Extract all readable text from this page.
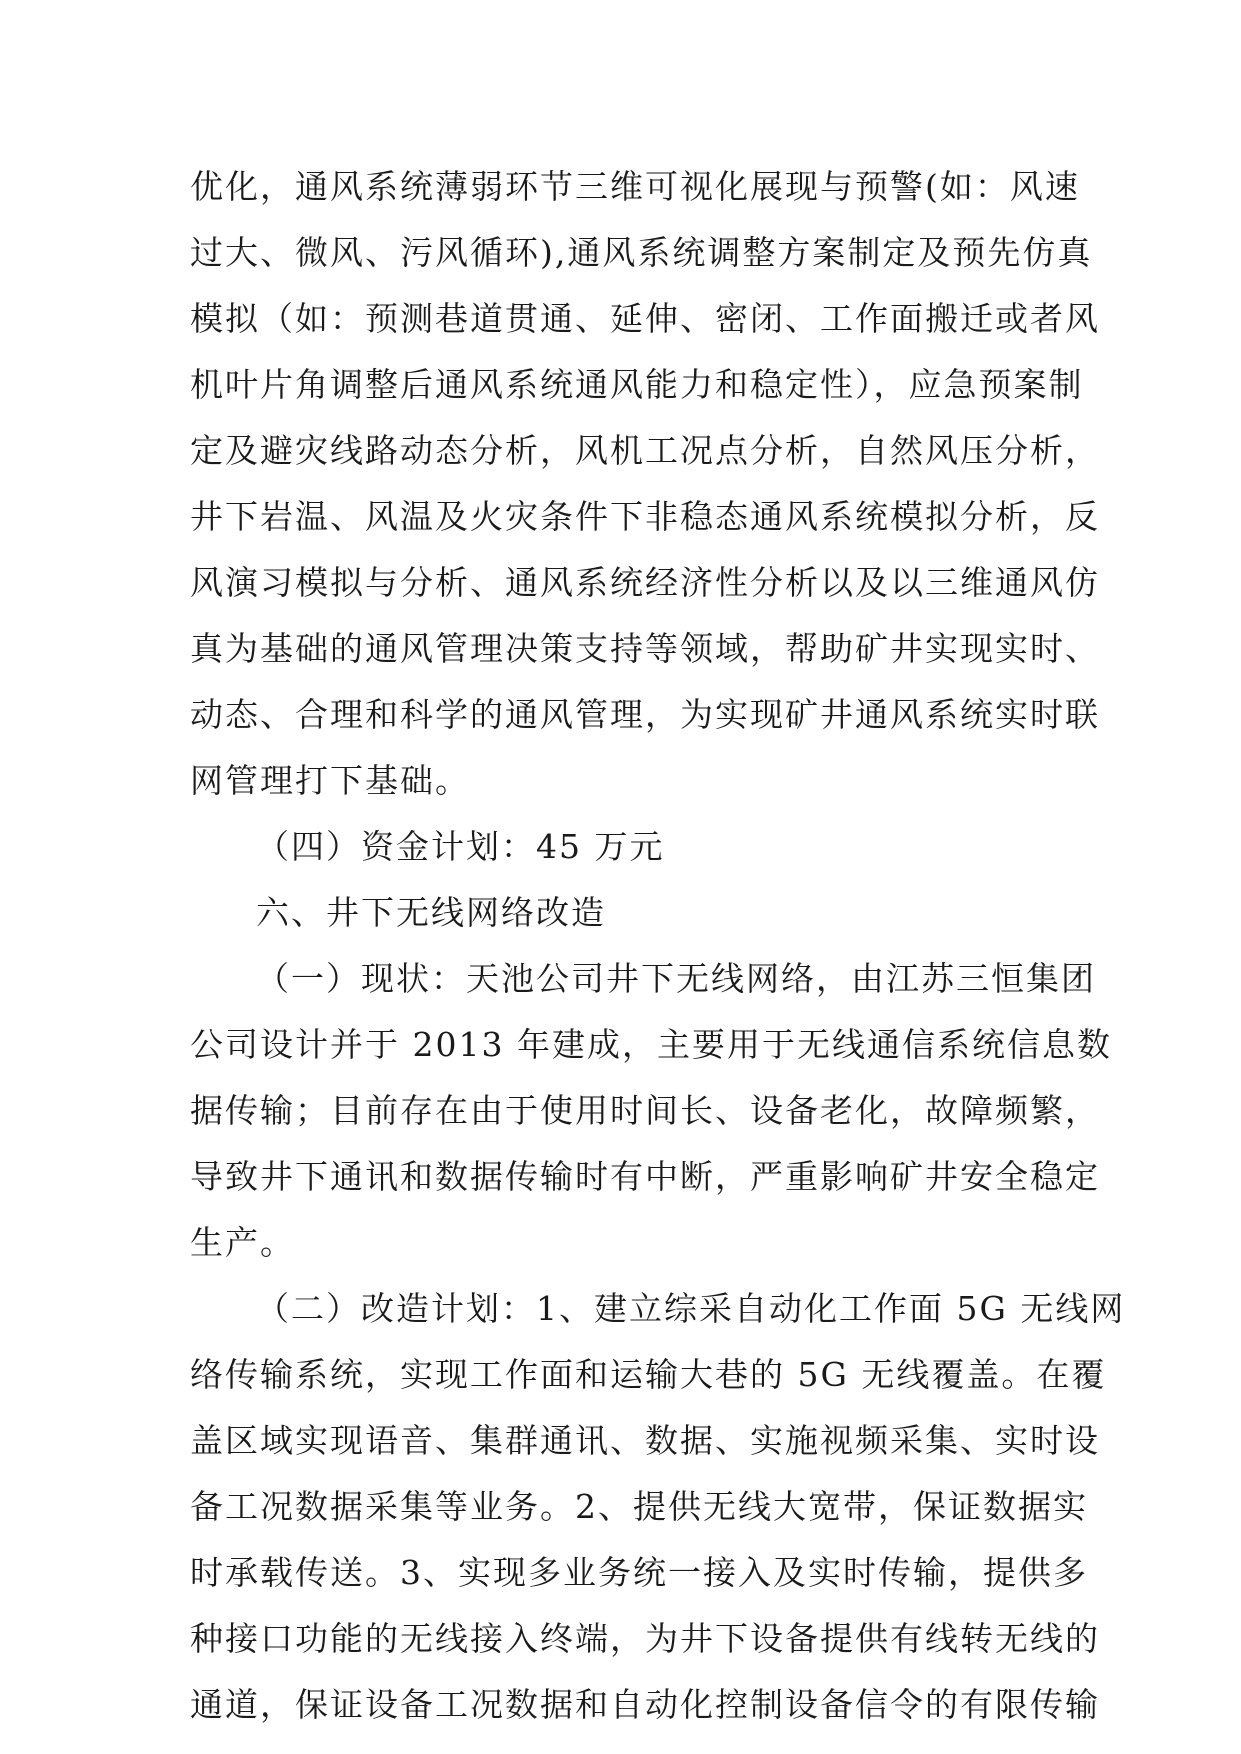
优化，通风系统薄弱环节三维可视化展现与预警(如：风速
过大、微风、污风循环),通风系统调整方案制定及预先仿真
模拟（如：预测巷道贯通、延伸、密闭、工作面搬迁或者风
机叶片角调整后通风系统通风能力和稳定性），应急预案制
定及避灾线路动态分析，风机工况点分析，自然风压分析，
井下岩温、风温及火灾条件下非稳态通风系统模拟分析，反
风演习模拟与分析、通风系统经济性分析以及以三维通风仿
真为基础的通风管理决策支持等领域，帮助矿井实现实时、
动态、合理和科学的通风管理，为实现矿井通风系统实时联
网管理打下基础。
（四）资金计划：45 万元
六、井下无线网络改造
（一）现状：天池公司井下无线网络，由江苏三恒集团
公司设计并于 2013 年建成，主要用于无线通信系统信息数
据传输；目前存在由于使用时间长、设备老化，故障频繁，
导致井下通讯和数据传输时有中断，严重影响矿井安全稳定
生产。
（二）改造计划：1、建立综采自动化工作面 5G 无线网
络传输系统，实现工作面和运输大巷的 5G 无线覆盖。在覆
盖区域实现语音、集群通讯、数据、实施视频采集、实时设
备工况数据采集等业务。2、提供无线大宽带，保证数据实
时承载传送。3、实现多业务统一接入及实时传输，提供多
种接口功能的无线接入终端，为井下设备提供有线转无线的
通道，保证设备工况数据和自动化控制设备信令的有限传输
